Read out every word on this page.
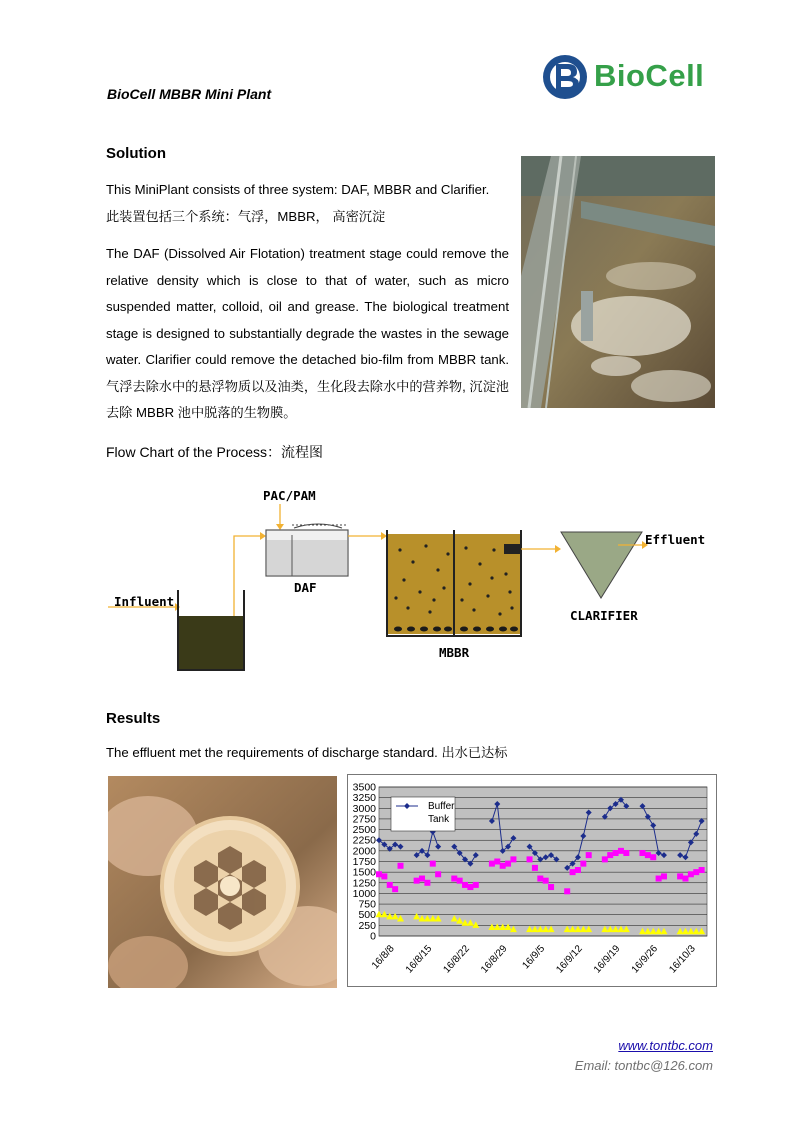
BioCell MBBR Mini Plant
BioCell
Solution
This MiniPlant consists of three system: DAF, MBBR and Clarifier.
此装置包括三个系统：气浮，MBBR， 高密沉淀
The DAF (Dissolved Air Flotation) treatment stage could remove the relative density which is close to that of water, such as micro suspended matter, colloid, oil and grease. The biological treatment stage is designed to substantially degrade the wastes in the sewage water. Clarifier could remove the detached bio-film from MBBR tank. 气浮去除水中的悬浮物质以及油类，生化段去除水中的营养物, 沉淀池去除 MBBR 池中脱落的生物膜。
Flow Chart of the Process：流程图
PAC/PAM
Influent
DAF
MBBR
CLARIFIER
Effluent
Results
The effluent met the requirements of discharge standard. 出水已达标
3500
3250
3000
2750
2500
2250
2000
1750
1500
1250
1000
750
500
250
0
16/8/8 16/8/15 16/8/22 16/8/29 16/9/5 16/9/12 16/9/19 16/9/26 16/10/3
Buffer
Tank
www.tontbc.com
Email: tontbc@126.com
